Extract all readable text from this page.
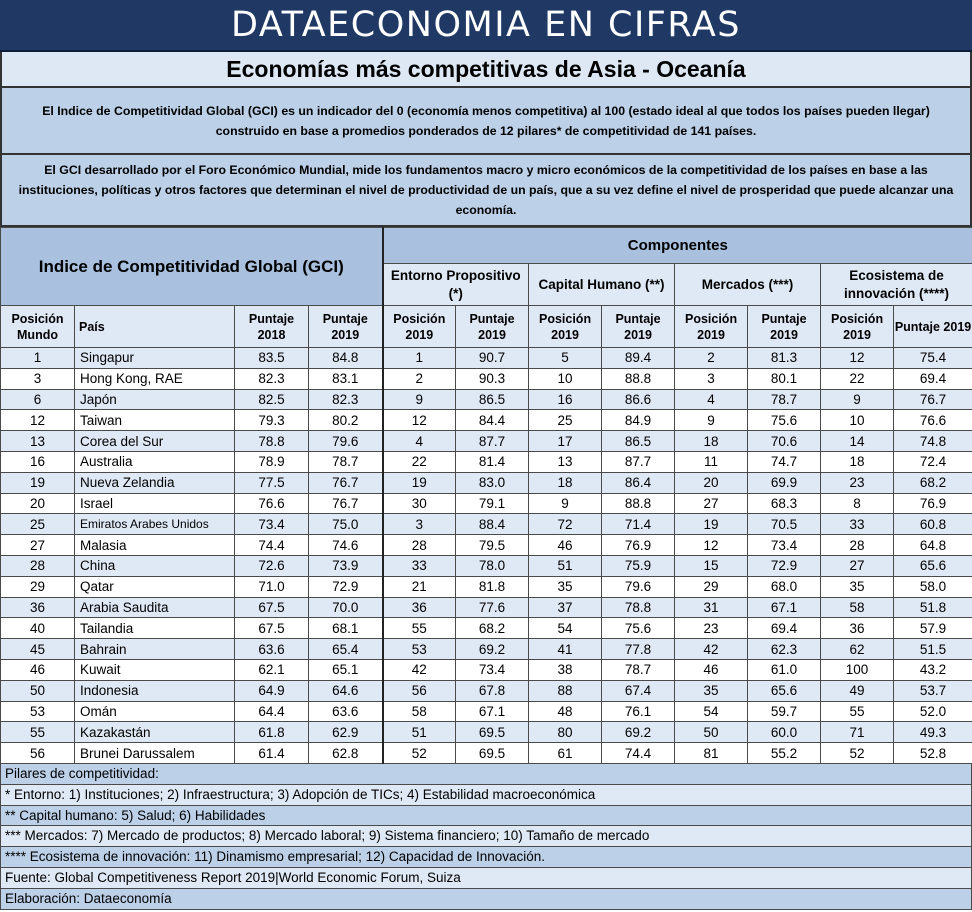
DATAECONOMIA EN CIFRAS
Economías más competitivas de Asia - Oceanía
El Indice de Competitividad Global (GCI) es un indicador del 0 (economía menos competitiva) al 100 (estado ideal al que todos los países pueden llegar) construido en base a promedios ponderados de 12 pilares* de competitividad de 141 países.
El GCI desarrollado por el Foro Económico Mundial, mide los fundamentos macro y micro económicos de la competitividad de los países en base a las instituciones, políticas y otros factores que determinan el nivel de productividad de un país, que a su vez define el nivel de prosperidad que puede alcanzar una economía.
Indice de Competitividad Global (GCI)				Componentes							
				Entorno Propositivo (*)		Capital Humano (**)		Mercados (***)		Ecosistema de innovación (****)	
Posición Mundo	País	Puntaje 2018	Puntaje 2019	Posición 2019	Puntaje 2019	Posición 2019	Puntaje 2019	Posición 2019	Puntaje 2019	Posición 2019	Puntaje 2019
1	Singapur	83.5	84.8	1	90.7	5	89.4	2	81.3	12	75.4
3	Hong Kong, RAE	82.3	83.1	2	90.3	10	88.8	3	80.1	22	69.4
6	Japón	82.5	82.3	9	86.5	16	86.6	4	78.7	9	76.7
12	Taiwan	79.3	80.2	12	84.4	25	84.9	9	75.6	10	76.6
13	Corea del Sur	78.8	79.6	4	87.7	17	86.5	18	70.6	14	74.8
16	Australia	78.9	78.7	22	81.4	13	87.7	11	74.7	18	72.4
19	Nueva Zelandia	77.5	76.7	19	83.0	18	86.4	20	69.9	23	68.2
20	Israel	76.6	76.7	30	79.1	9	88.8	27	68.3	8	76.9
25	Emiratos Arabes Unidos	73.4	75.0	3	88.4	72	71.4	19	70.5	33	60.8
27	Malasia	74.4	74.6	28	79.5	46	76.9	12	73.4	28	64.8
28	China	72.6	73.9	33	78.0	51	75.9	15	72.9	27	65.6
29	Qatar	71.0	72.9	21	81.8	35	79.6	29	68.0	35	58.0
36	Arabia Saudita	67.5	70.0	36	77.6	37	78.8	31	67.1	58	51.8
40	Tailandia	67.5	68.1	55	68.2	54	75.6	23	69.4	36	57.9
45	Bahrain	63.6	65.4	53	69.2	41	77.8	42	62.3	62	51.5
46	Kuwait	62.1	65.1	42	73.4	38	78.7	46	61.0	100	43.2
50	Indonesia	64.9	64.6	56	67.8	88	67.4	35	65.6	49	53.7
53	Omán	64.4	63.6	58	67.1	48	76.1	54	59.7	55	52.0
55	Kazakastán	61.8	62.9	51	69.5	80	69.2	50	60.0	71	49.3
56	Brunei Darussalem	61.4	62.8	52	69.5	61	74.4	81	55.2	52	52.8
Pilares de competitividad:
* Entorno: 1) Instituciones; 2) Infraestructura; 3) Adopción de TICs; 4) Estabilidad macroeconómica
** Capital humano: 5) Salud; 6) Habilidades
*** Mercados: 7) Mercado de productos; 8) Mercado laboral; 9) Sistema financiero; 10) Tamaño de mercado
**** Ecosistema de innovación: 11) Dinamismo empresarial; 12) Capacidad de Innovación.
Fuente: Global Competitiveness Report 2019|World Economic Forum, Suiza
Elaboración: Dataeconomía
